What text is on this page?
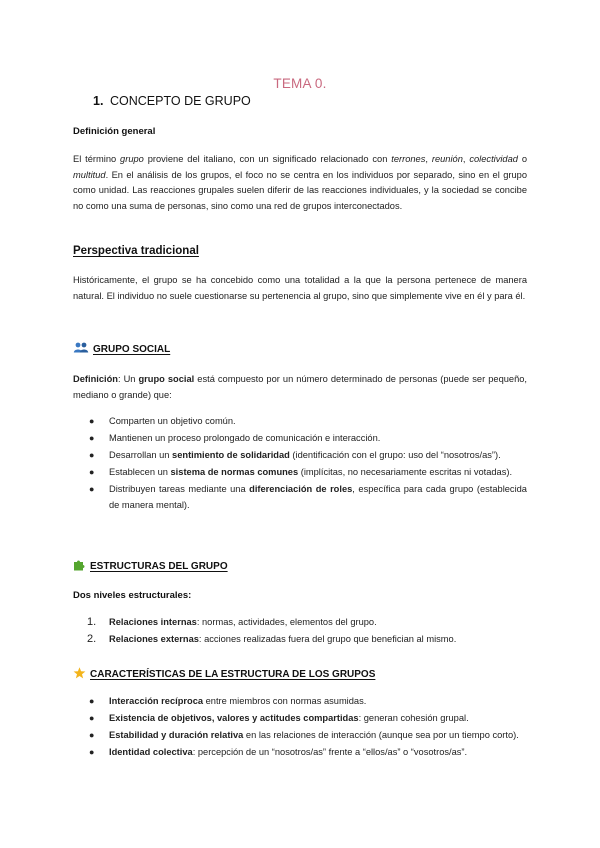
TEMA 0.
1. CONCEPTO DE GRUPO
Definición general
El término grupo proviene del italiano, con un significado relacionado con terrones, reunión, colectividad o multitud. En el análisis de los grupos, el foco no se centra en los individuos por separado, sino en el grupo como unidad. Las reacciones grupales suelen diferir de las reacciones individuales, y la sociedad se concibe no como una suma de personas, sino como una red de grupos interconectados.
Perspectiva tradicional
Históricamente, el grupo se ha concebido como una totalidad a la que la persona pertenece de manera natural. El individuo no suele cuestionarse su pertenencia al grupo, sino que simplemente vive en él y para él.
GRUPO SOCIAL
Definición: Un grupo social está compuesto por un número determinado de personas (puede ser pequeño, mediano o grande) que:
● Comparten un objetivo común.
● Mantienen un proceso prolongado de comunicación e interacción.
● Desarrollan un sentimiento de solidaridad (identificación con el grupo: uso del “nosotros/as”).
● Establecen un sistema de normas comunes (implícitas, no necesariamente escritas ni votadas).
● Distribuyen tareas mediante una diferenciación de roles, específica para cada grupo (establecida de manera mental).
ESTRUCTURAS DEL GRUPO
Dos niveles estructurales:
1. Relaciones internas: normas, actividades, elementos del grupo.
2. Relaciones externas: acciones realizadas fuera del grupo que benefician al mismo.
CARACTERÍSTICAS DE LA ESTRUCTURA DE LOS GRUPOS
● Interacción recíproca entre miembros con normas asumidas.
● Existencia de objetivos, valores y actitudes compartidas: generan cohesión grupal.
● Estabilidad y duración relativa en las relaciones de interacción (aunque sea por un tiempo corto).
● Identidad colectiva: percepción de un “nosotros/as” frente a “ellos/as” o “vosotros/as”.
